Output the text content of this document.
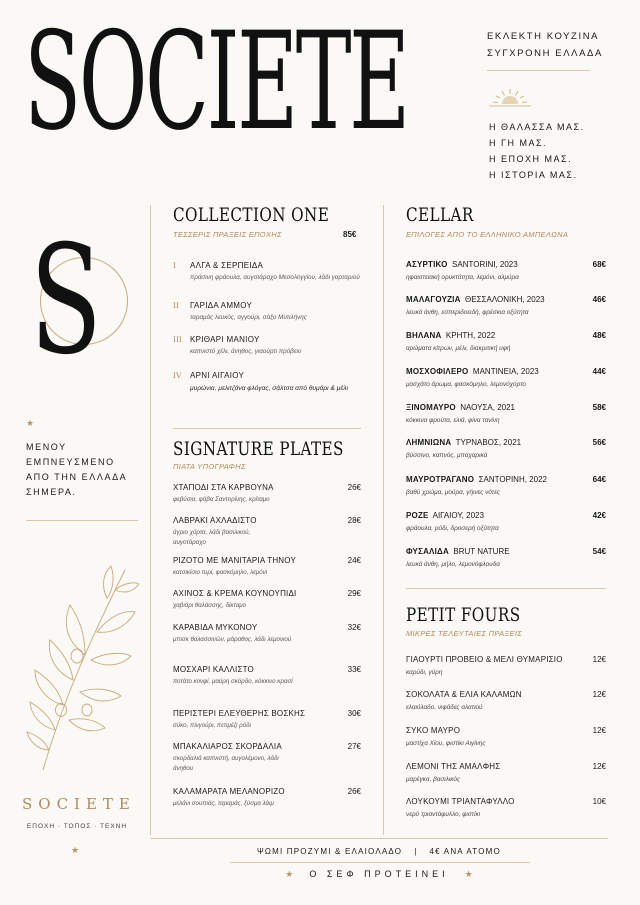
SOCIETE	ΕΚΛΕΚΤΗ ΚΟΥΖΙΝΑ
ΣΥΓΧΡΟΝΗ ΕΛΛΑΔΑ
Η ΘΑΛΑΣΣΑ ΜΑΣ.
Η ΓΗ ΜΑΣ.
Η ΕΠΟΧΗ ΜΑΣ.
Η ΙΣΤΟΡΙΑ ΜΑΣ.
S
★
ΜΕΝΟΥ
ΕΜΠΝΕΥΣΜΕΝΟ
ΑΠΟ ΤΗΝ ΕΛΛΑΔΑ
ΣΗΜΕΡΑ.
SOCIETE
ΕΠΟΧΗ · ΤΟΠΟΣ · ΤΕΧΝΗ
★
COLLECTION ONE
ΤΕΣΣΕΡΙΣ ΠΡΑΞΕΙΣ ΕΠΟΧΗΣ	85€
I ΑΛΓΑ & ΣΕΡΠΕΙΔΑ
πράσινη φράουλα, αυγοτάραχο Μεσολογγίου, λάδι γαρταριού
II ΓΑΡΙΔΑ ΑΜΜΟΥ
ταραμάς λευκός, αγγούρι, σάξο Μυτιλήνης
III ΚΡΙΘΑΡΙ ΜΑΝΙΟΥ
καπνιστό χέλι, άνηθος, γιαούρτι πρόβειο
IV ΑΡΝΙ ΑΙΓΑΙΟΥ
μυρώνια, μελιτζάνα φλόγας, σάλτσα από θυμάρι & μέλι
SIGNATURE PLATES
ΠΙΑΤΑ ΥΠΟΓΡΑΦΗΣ
ΧΤΑΠΟΔΙ ΣΤΑ ΚΑΡΒΟΥΝΑ	26€
φεβύσια, φάβα Σαντορίνης, κρίταμο
ΛΑΒΡΑΚΙ ΑΧΛΑΔΙΣΤΟ	28€
άγριο χόρτα, λάδι βασιλικού, αυγοτάραχο
ΡΙΖΟΤΟ ΜΕ ΜΑΝΙΤΑΡΙΑ ΤΗΝΟΥ	24€
κατσικίσιο τυρί, φασκόμηλο, λεμόνι
ΑΧΙΝΟΣ & ΚΡΕΜΑ ΚΟΥΝΟΥΠΙΔΙ	29€
χαβιάρι θαλάσσης, δίκταμο
ΚΑΡΑΒΙΔΑ ΜΥΚΟΝΟΥ	32€
μπισκ θαλασσινών, μάραθος, λάδι λεμονιού
ΜΟΣΧΑΡΙ ΚΑΛΛΙΣΤΟ	33€
ποτάτο κονφί, μαύρη σκόρδο, κόκκινο κρασί
ΠΕΡΙΣΤΕΡΙ ΕΛΕΥΘΕΡΗΣ ΒΟΣΚΗΣ	30€
σύκο, πλιγούρι, πετιμέζι ρόδι
ΜΠΑΚΑΛΙΑΡΟΣ ΣΚΟΡΔΑΛΙΑ	27€
σκορδαλιά καπνιστή, αυγολέμονο, λάδι άνηθου
ΚΑΛΑΜΑΡΑΤΑ ΜΕΛΑΝΟΡΙΖΟ	26€
μελάνι σουπιάς, ταραμάς, ξύσμα λάιμ
CELLAR
ΕΠΙΛΟΓΕΣ ΑΠΟ ΤΟ ΕΛΛΗΝΙΚΟ ΑΜΠΕΛΩΝΑ
ΑΣΥΡΤΙΚΟ SANTORINI, 2023	68€
ηφαιστειακή ορυκτότητα, λεμόνι, αλμύρα
ΜΑΛΑΓΟΥΖΙΑ ΘΕΣΣΑΛΟΝΙΚΗ, 2023	46€
λευκά άνθη, εσπεριδοειδή, φρέσκια οξύτητα
ΒΗΛΑΝΑ ΚΡΗΤΗ, 2022	48€
αρώματα κίτρων, μέλι, διακριτική υφή
ΜΟΣΧΟΦΙΛΕΡΟ ΜΑΝΤΙΝΕΙΑ, 2023	44€
μοσχάτο άρωμα, φασκόμηλο, λεμονόχορτο
ΞΙΝΟΜΑΥΡΟ ΝΑΟΥΣΑ, 2021	58€
κόκκινα φρούτα, ελιά, φίνα τανίνη
ΛΗΜΝΙΩΝΑ ΤΥΡΝΑΒΟΣ, 2021	56€
βύσσινο, καπνός, μπαχαρικά
ΜΑΥΡΟΤΡΑΓΑΝΟ ΣΑΝΤΟΡΙΝΗ, 2022	64€
βαθύ χρώμα, μούρα, γήινες νότες
ΡΟΖΕ ΑΙΓΑΙΟΥ, 2023	42€
φράουλα, ρόδι, δροσερή οξύτητα
ΦΥΣΑΛΙΔΑ BRUT NATURE	54€
λευκά άνθη, μήλο, λεμονόφλουδα
PETIT FOURS
ΜΙΚΡΕΣ ΤΕΛΕΥΤΑΙΕΣ ΠΡΑΞΕΙΣ
ΓΙΑΟΥΡΤΙ ΠΡΟΒΕΙΟ & ΜΕΛΙ ΘΥΜΑΡΙΣΙΟ	12€
καρύδι, γύρη
ΣΟΚΟΛΑΤΑ & ΕΛΙΑ ΚΑΛΑΜΩΝ	12€
ελαιόλαδο, νιφάδες αλατιού
ΣΥΚΟ ΜΑΥΡΟ	12€
μαστίχα Χίου, φιστίκι Αιγίνης
ΛΕΜΟΝΙ ΤΗΣ ΑΜΑΛΦΗΣ	12€
μαρέγκα, βασιλικός
ΛΟΥΚΟΥΜΙ ΤΡΙΑΝΤΑΦΥΛΛΟ	10€
νερό τριαντάφυλλο, φιστίκι
ΨΩΜΙ ΠΡΟΖΥΜΙ & ΕΛΑΙΟΛΑΔΟ | 4€ ΑΝΑ ΑΤΟΜΟ
★ Ο ΣΕΦ ΠΡΟΤΕΙΝΕΙ ★
